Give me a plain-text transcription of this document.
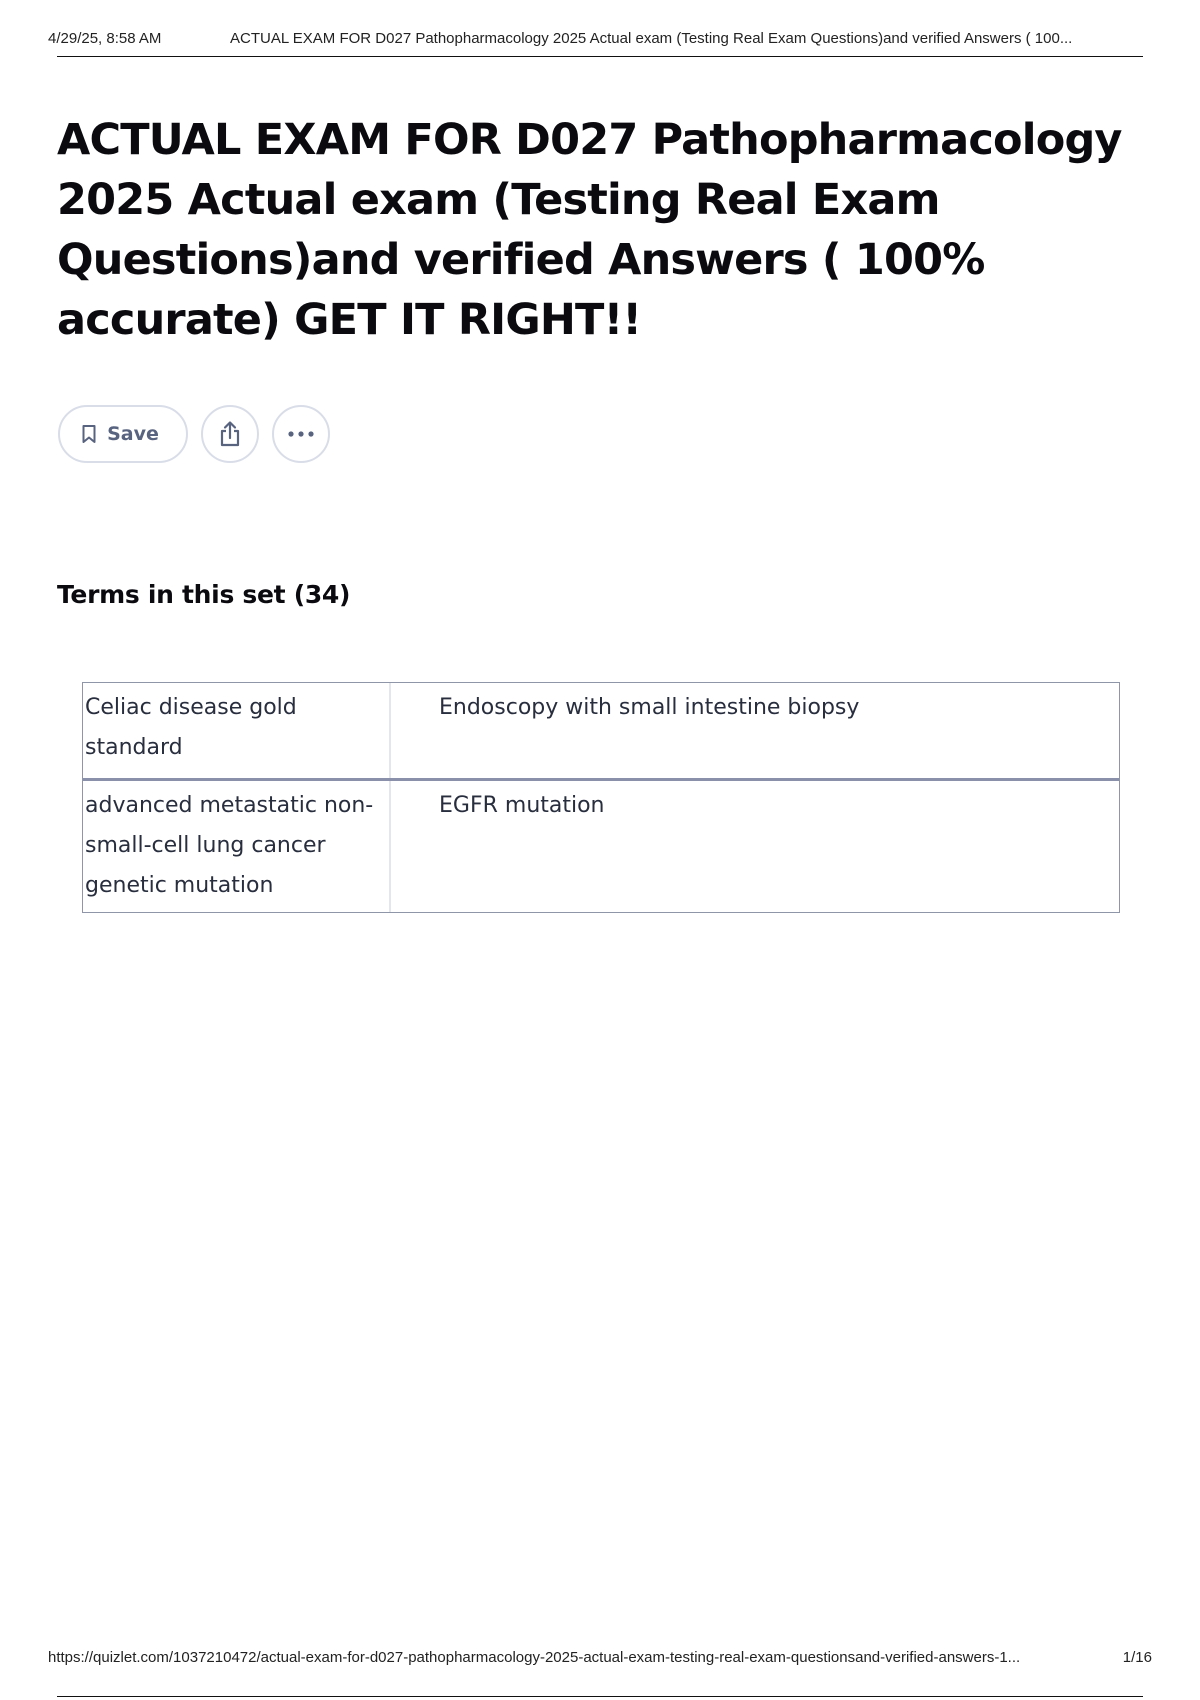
4/29/25, 8:58 AM	ACTUAL EXAM FOR D027 Pathopharmacology 2025 Actual exam (Testing Real Exam Questions)and verified Answers ( 100...
ACTUAL EXAM FOR D027 Pathopharmacology 2025 Actual exam (Testing Real Exam Questions)and verified Answers ( 100% accurate) GET IT RIGHT!!
Save
Terms in this set (34)
Celiac disease gold standard
Endoscopy with small intestine biopsy
advanced metastatic non-small-cell lung cancer genetic mutation
EGFR mutation
https://quizlet.com/1037210472/actual-exam-for-d027-pathopharmacology-2025-actual-exam-testing-real-exam-questionsand-verified-answers-1...	1/16
